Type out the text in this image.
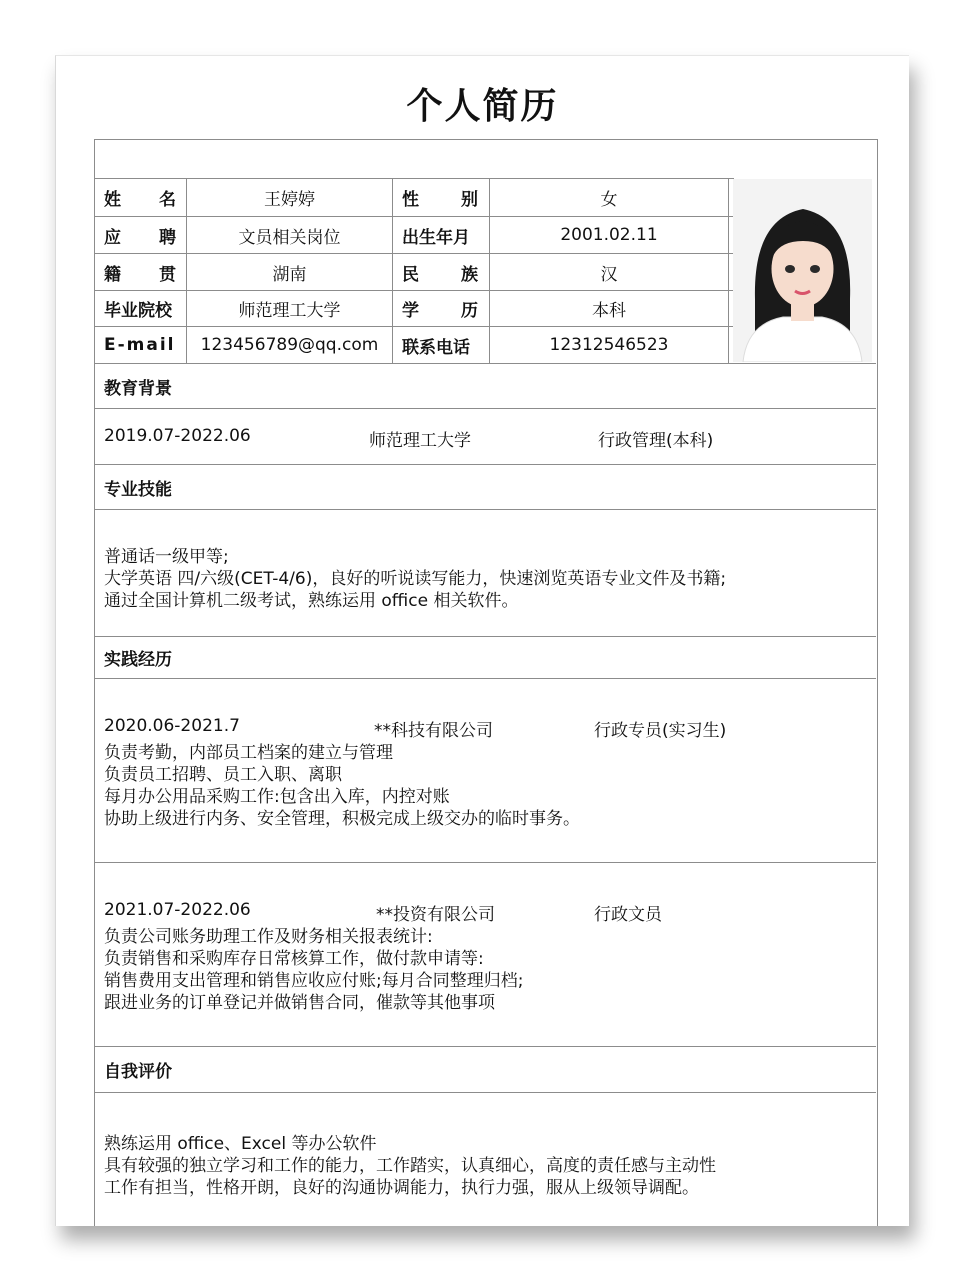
个人简历
姓 名	王婷婷	性 别	女
应 聘	文员相关岗位	出生年月	2001.02.11
籍 贯	湖南	民 族	汉
毕业院校	师范理工大学	学 历	本科
E-mail	123456789@qq.com	联系电话	12312546523
教育背景
2019.07-2022.06	师范理工大学	行政管理(本科)
专业技能
普通话一级甲等;
大学英语 四/六级(CET-4/6)，良好的听说读写能力，快速浏览英语专业文件及书籍;
通过全国计算机二级考试，熟练运用 office 相关软件。
实践经历
2020.06-2021.7	**科技有限公司	行政专员(实习生)
负责考勤，内部员工档案的建立与管理
负责员工招聘、员工入职、离职
每月办公用品采购工作:包含出入库，内控对账
协助上级进行内务、安全管理，积极完成上级交办的临时事务。
2021.07-2022.06	**投资有限公司	行政文员
负责公司账务助理工作及财务相关报表统计:
负责销售和采购库存日常核算工作，做付款申请等:
销售费用支出管理和销售应收应付账;每月合同整理归档;
跟进业务的订单登记并做销售合同，催款等其他事项
自我评价
熟练运用 office、Excel 等办公软件
具有较强的独立学习和工作的能力，工作踏实，认真细心，高度的责任感与主动性
工作有担当，性格开朗，良好的沟通协调能力，执行力强，服从上级领导调配。
